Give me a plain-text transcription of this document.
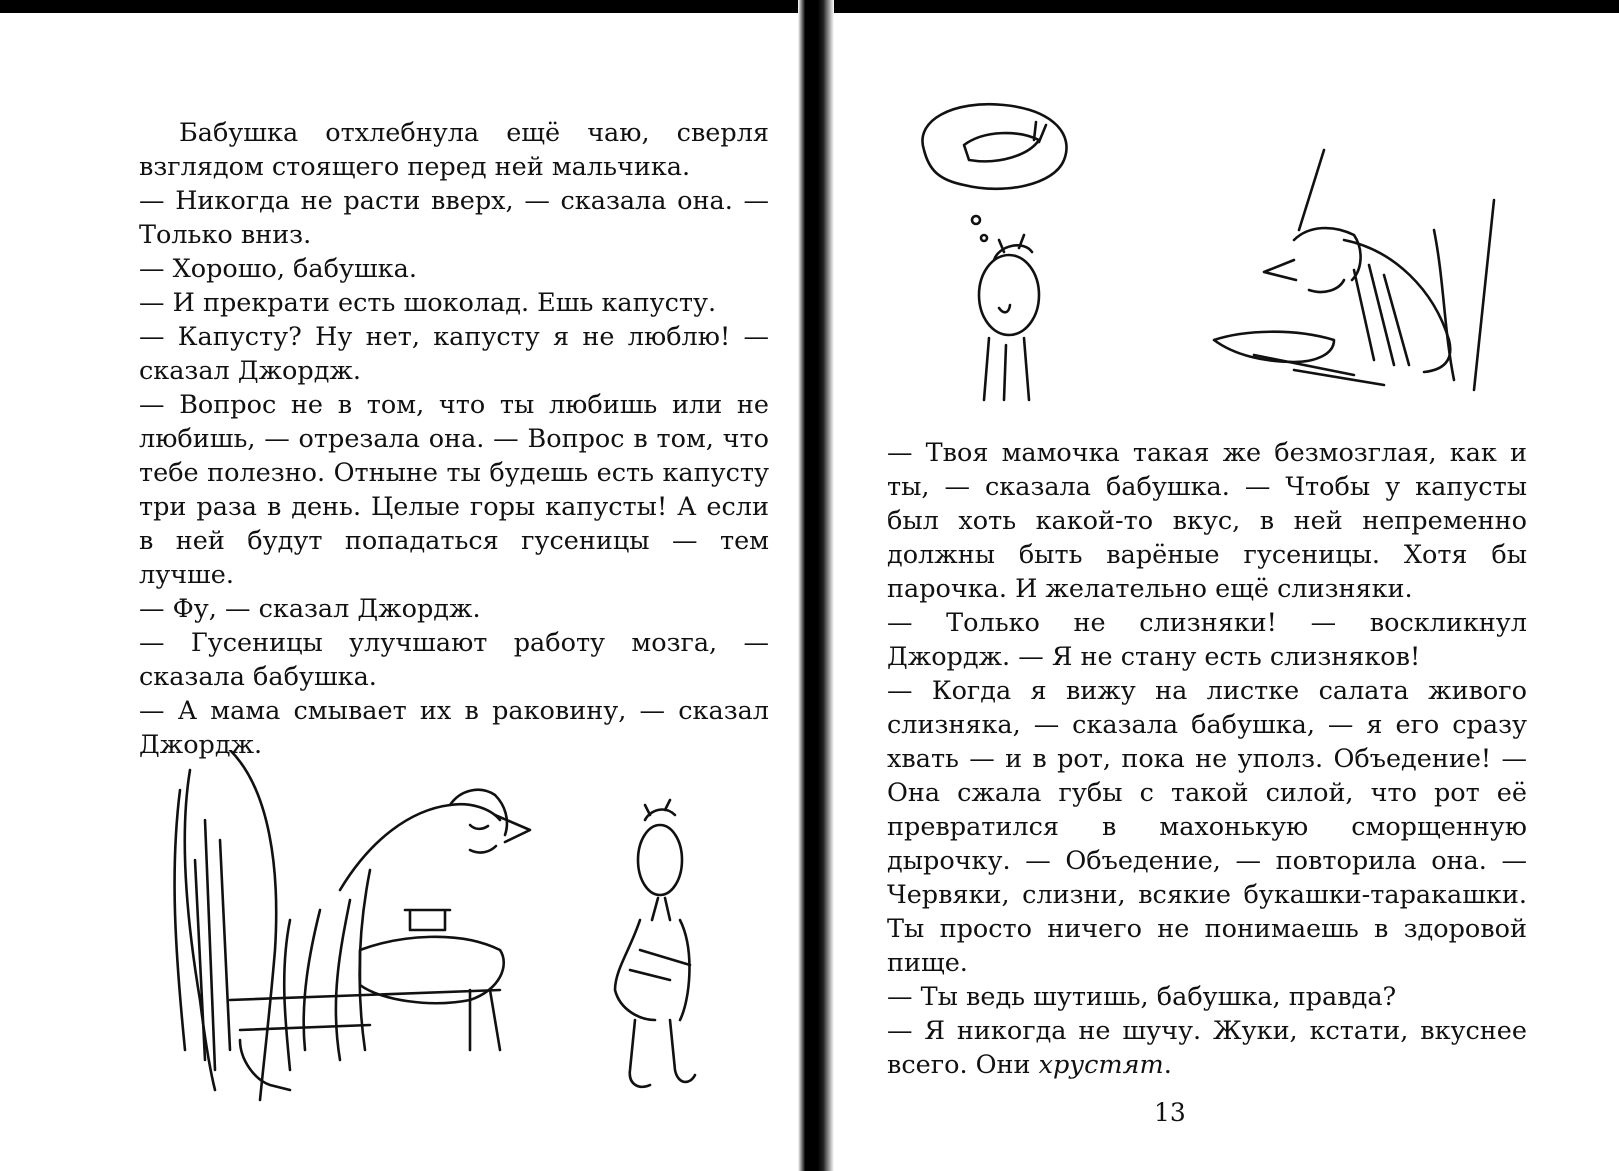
Бабушка отхлебнула ещё чаю, сверля взглядом стоящего перед ней мальчика.

— Никогда не расти вверх, — сказала она. — Только вниз.

— Хорошо, бабушка.

— И прекрати есть шоколад. Ешь капусту.

— Капусту? Ну нет, капусту я не люблю! — сказал Джордж.

— Вопрос не в том, что ты любишь или не любишь, — отрезала она. — Вопрос в том, что тебе полезно. Отныне ты будешь есть капусту три раза в день. Целые горы капусты! А если в ней будут попадаться гусеницы — тем лучше.

— Фу, — сказал Джордж.

— Гусеницы улучшают работу мозга, — сказала бабушка.

— А мама смывает их в раковину, — сказал Джордж.

— Твоя мамочка такая же безмозглая, как и ты, — сказала бабушка. — Чтобы у капусты был хоть какой-то вкус, в ней непременно должны быть варёные гусеницы. Хотя бы парочка. И желательно ещё слизняки.

— Только не слизняки! — воскликнул Джордж. — Я не стану есть слизняков!

— Когда я вижу на листке салата живого слизняка, — сказала бабушка, — я его сразу хвать — и в рот, пока не уполз. Объедение! — Она сжала губы с такой силой, что рот её превратился в махонькую сморщенную дырочку. — Объедение, — повторила она. — Червяки, слизни, всякие букашки-таракашки. Ты просто ничего не понимаешь в здоровой пище.

— Ты ведь шутишь, бабушка, правда?

— Я никогда не шучу. Жуки, кстати, вкуснее всего. Они хрустят.

13
